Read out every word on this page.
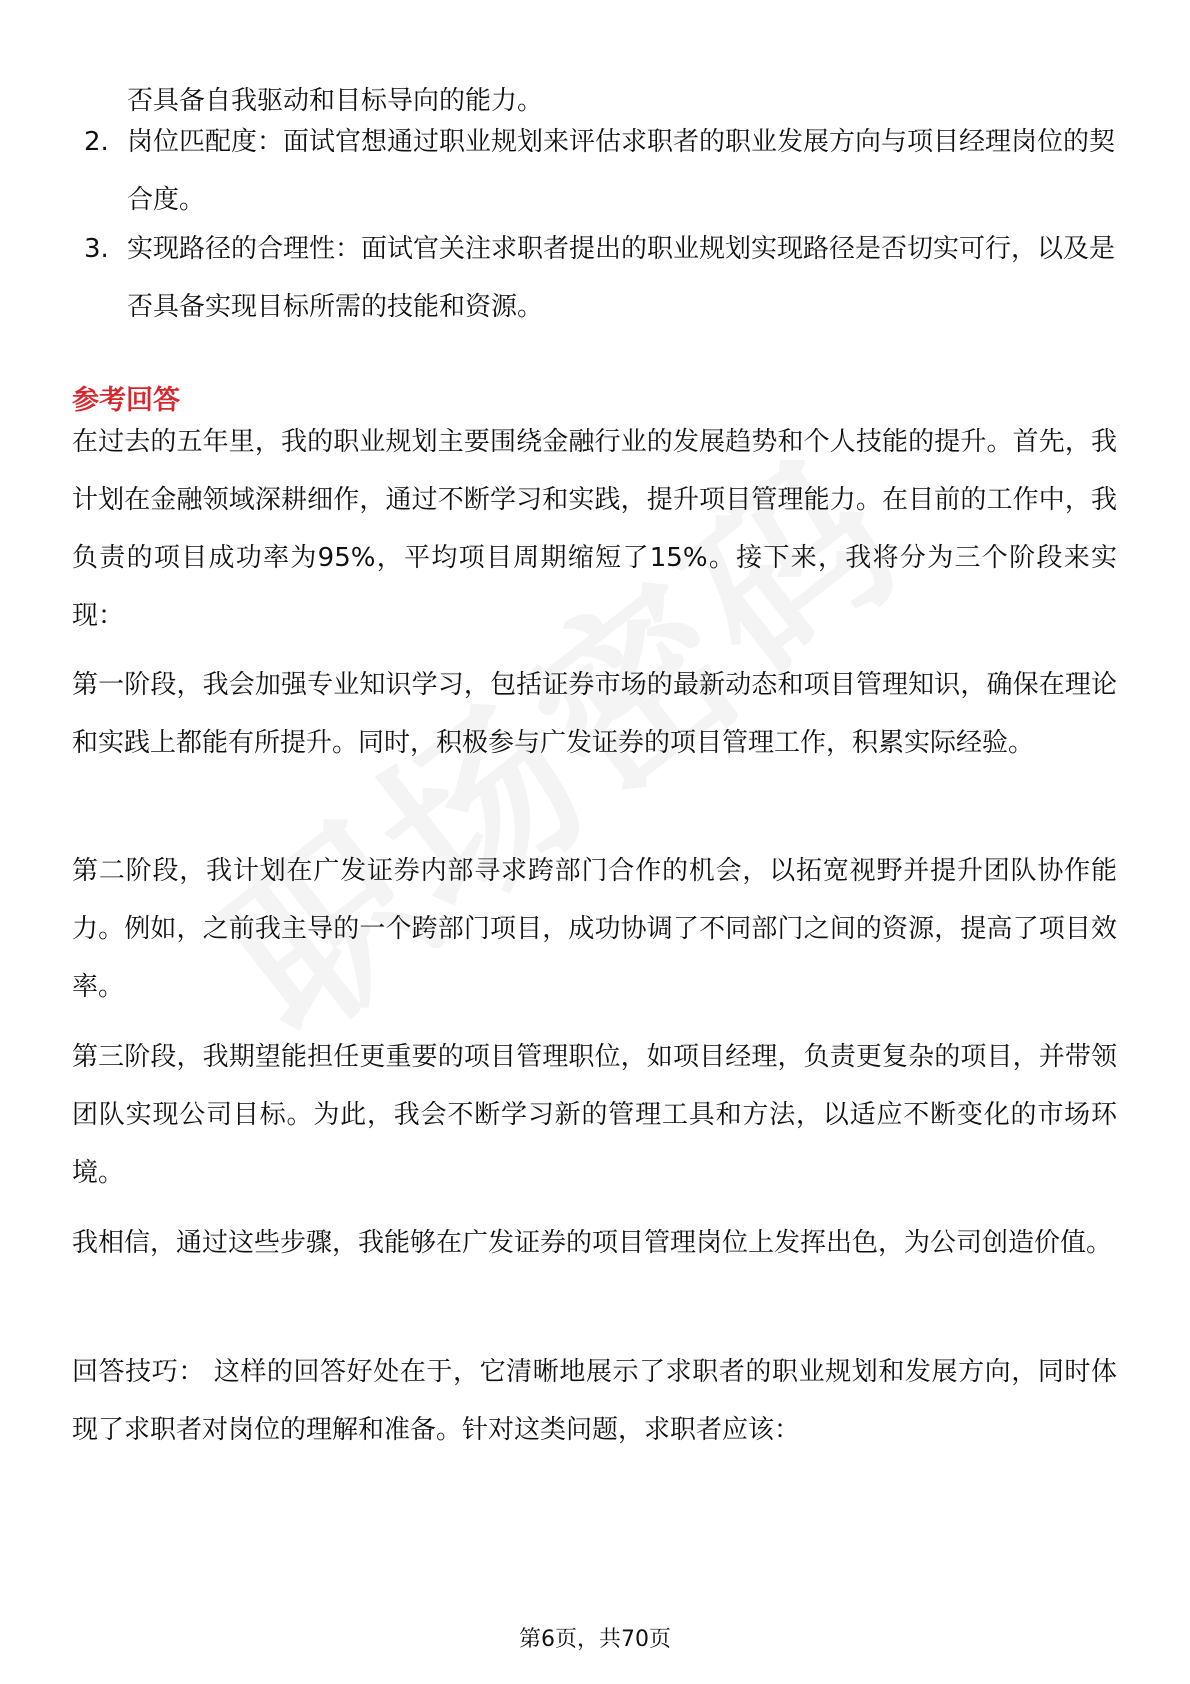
否具备自我驱动和目标导向的能力。
2. 岗位匹配度：面试官想通过职业规划来评估求职者的职业发展方向与项目经理岗位的契合度。
3. 实现路径的合理性：面试官关注求职者提出的职业规划实现路径是否切实可行，以及是否具备实现目标所需的技能和资源。
参考回答
在过去的五年里，我的职业规划主要围绕金融行业的发展趋势和个人技能的提升。首先，我计划在金融领域深耕细作，通过不断学习和实践，提升项目管理能力。在目前的工作中，我负责的项目成功率为95%，平均项目周期缩短了15%。接下来，我将分为三个阶段来实现：
第一阶段，我会加强专业知识学习，包括证券市场的最新动态和项目管理知识，确保在理论和实践上都能有所提升。同时，积极参与广发证券的项目管理工作，积累实际经验。
第二阶段，我计划在广发证券内部寻求跨部门合作的机会，以拓宽视野并提升团队协作能力。例如，之前我主导的一个跨部门项目，成功协调了不同部门之间的资源，提高了项目效率。
第三阶段，我期望能担任更重要的项目管理职位，如项目经理，负责更复杂的项目，并带领团队实现公司目标。为此，我会不断学习新的管理工具和方法，以适应不断变化的市场环境。
我相信，通过这些步骤，我能够在广发证券的项目管理岗位上发挥出色，为公司创造价值。
回答技巧： 这样的回答好处在于，它清晰地展示了求职者的职业规划和发展方向，同时体现了求职者对岗位的理解和准备。针对这类问题，求职者应该：
第6页，共70页
